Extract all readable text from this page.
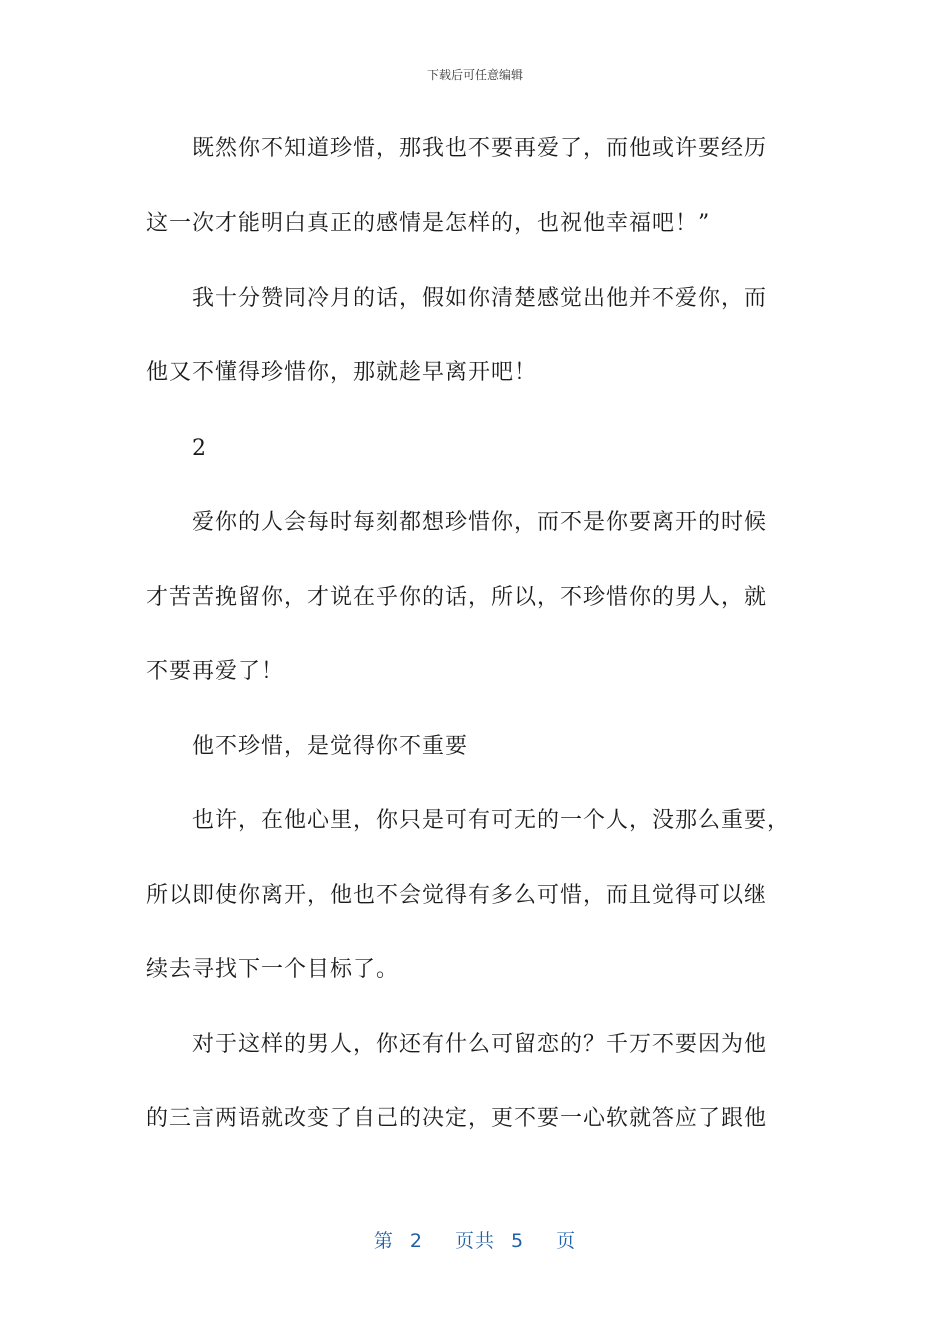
下载后可任意编辑
　　既然你不知道珍惜，那我也不要再爱了，而他或许要经历
这一次才能明白真正的感情是怎样的，也祝他幸福吧！”
　　我十分赞同冷月的话，假如你清楚感觉出他并不爱你，而
他又不懂得珍惜你，那就趁早离开吧！
　　2
　　爱你的人会每时每刻都想珍惜你，而不是你要离开的时候
才苦苦挽留你，才说在乎你的话，所以，不珍惜你的男人，就
不要再爱了！
　　他不珍惜，是觉得你不重要
　　也许，在他心里，你只是可有可无的一个人，没那么重要，
所以即使你离开，他也不会觉得有多么可惜，而且觉得可以继
续去寻找下一个目标了。
　　对于这样的男人，你还有什么可留恋的？千万不要因为他
的三言两语就改变了自己的决定，更不要一心软就答应了跟他
第 2 页共 5 页
